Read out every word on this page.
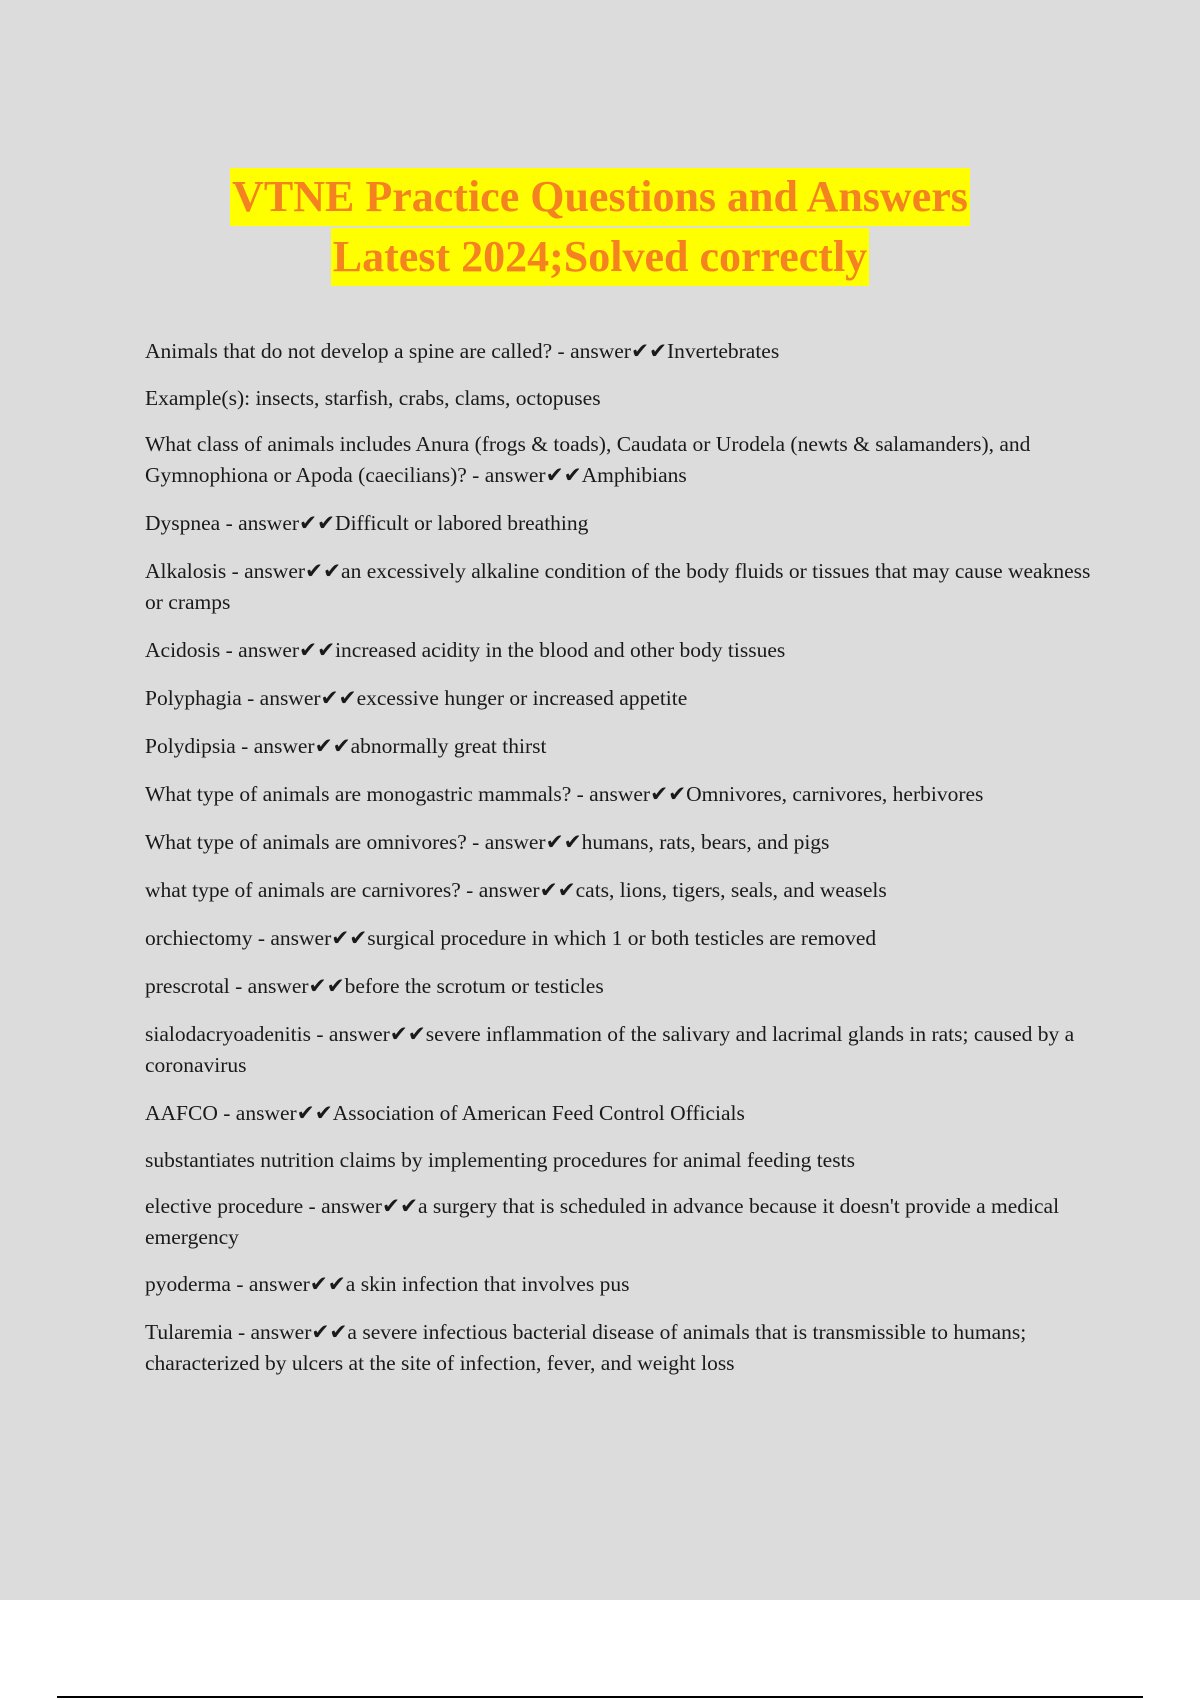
VTNE Practice Questions and Answers
Latest 2024;Solved correctly
Animals that do not develop a spine are called? - answer✔✔Invertebrates
Example(s): insects, starfish, crabs, clams, octopuses
What class of animals includes Anura (frogs & toads), Caudata or Urodela (newts & salamanders), and Gymnophiona or Apoda (caecilians)? - answer✔✔Amphibians
Dyspnea - answer✔✔Difficult or labored breathing
Alkalosis - answer✔✔an excessively alkaline condition of the body fluids or tissues that may cause weakness or cramps
Acidosis - answer✔✔increased acidity in the blood and other body tissues
Polyphagia - answer✔✔excessive hunger or increased appetite
Polydipsia - answer✔✔abnormally great thirst
What type of animals are monogastric mammals? - answer✔✔Omnivores, carnivores, herbivores
What type of animals are omnivores? - answer✔✔humans, rats, bears, and pigs
what type of animals are carnivores? - answer✔✔cats, lions, tigers, seals, and weasels
orchiectomy - answer✔✔surgical procedure in which 1 or both testicles are removed
prescrotal - answer✔✔before the scrotum or testicles
sialodacryoadenitis - answer✔✔severe inflammation of the salivary and lacrimal glands in rats; caused by a coronavirus
AAFCO - answer✔✔Association of American Feed Control Officials
substantiates nutrition claims by implementing procedures for animal feeding tests
elective procedure - answer✔✔a surgery that is scheduled in advance because it doesn't provide a medical emergency
pyoderma - answer✔✔a skin infection that involves pus
Tularemia - answer✔✔a severe infectious bacterial disease of animals that is transmissible to humans; characterized by ulcers at the site of infection, fever, and weight loss
